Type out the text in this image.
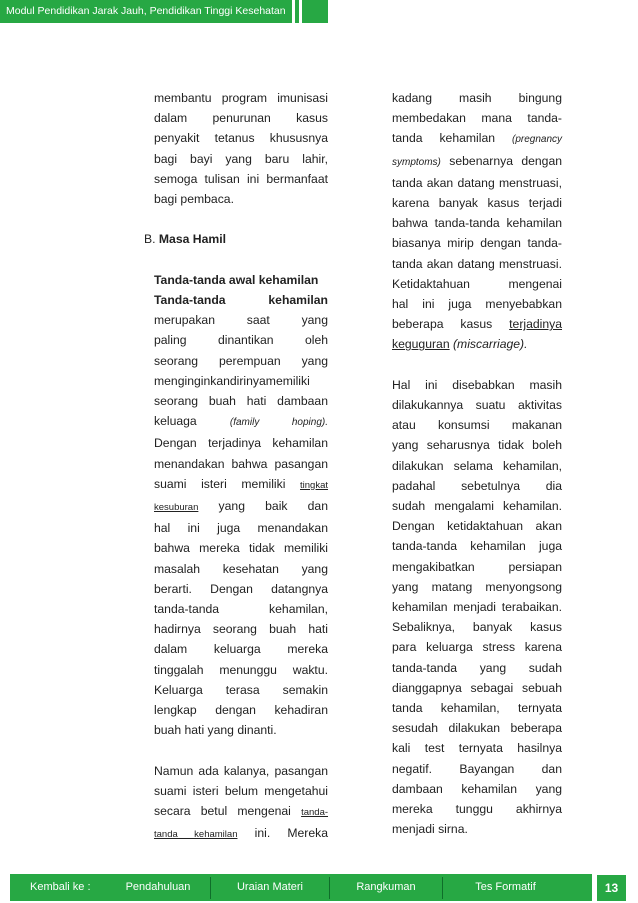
Modul Pendidikan Jarak Jauh, Pendidikan Tinggi Kesehatan

membantu program imunisasi

dalam penurunan kasus

penyakit tetanus khususnya

bagi bayi yang baru lahir,

semoga tulisan ini bermanfaat

bagi pembaca.

B. Masa Hamil

Tanda-tanda awal kehamilan

Tanda-tanda kehamilan

merupakan saat yang

paling dinantikan oleh

seorang perempuan yang

menginginkandirinyamemiliki

seorang buah hati dambaan

keluaga	(family hoping).

Dengan terjadinya kehamilan

menandakan bahwa pasangan

suami isteri memiliki tingkat

kesuburan yang baik dan

hal ini juga menandakan

bahwa mereka tidak memiliki

masalah kesehatan yang

berarti. Dengan datangnya

tanda-tanda kehamilan,

hadirnya seorang buah hati

dalam keluarga mereka

tinggalah menunggu waktu.

Keluarga terasa semakin

lengkap dengan kehadiran

buah hati yang dinanti.

Namun ada kalanya, pasangan

suami isteri belum mengetahui

secara betul mengenai tanda-

tanda kehamilan ini. Mereka

kadang masih bingung

membedakan mana tanda-

tanda kehamilan (pregnancy

symptoms) sebenarnya dengan

tanda akan datang menstruasi,

karena banyak kasus terjadi

bahwa tanda-tanda kehamilan

biasanya mirip dengan tanda-

tanda akan datang menstruasi.

Ketidaktahuan mengenai

hal ini juga menyebabkan

beberapa kasus terjadinya

keguguran (miscarriage).

Hal ini disebabkan masih

dilakukannya suatu aktivitas

atau konsumsi makanan

yang seharusnya tidak boleh

dilakukan selama kehamilan,

padahal sebetulnya dia

sudah mengalami kehamilan.

Dengan ketidaktahuan akan

tanda-tanda kehamilan juga

mengakibatkan persiapan

yang matang menyongsong

kehamilan menjadi terabaikan.

Sebaliknya, banyak kasus

para keluarga stress karena

tanda-tanda yang sudah

dianggapnya sebagai sebuah

tanda kehamilan, ternyata

sesudah dilakukan beberapa

kali test ternyata hasilnya

negatif. Bayangan dan

dambaan kehamilan yang

mereka tunggu akhirnya

menjadi sirna.

Kembali ke :	Pendahuluan	Uraian Materi	Rangkuman	Tes Formatif	13
